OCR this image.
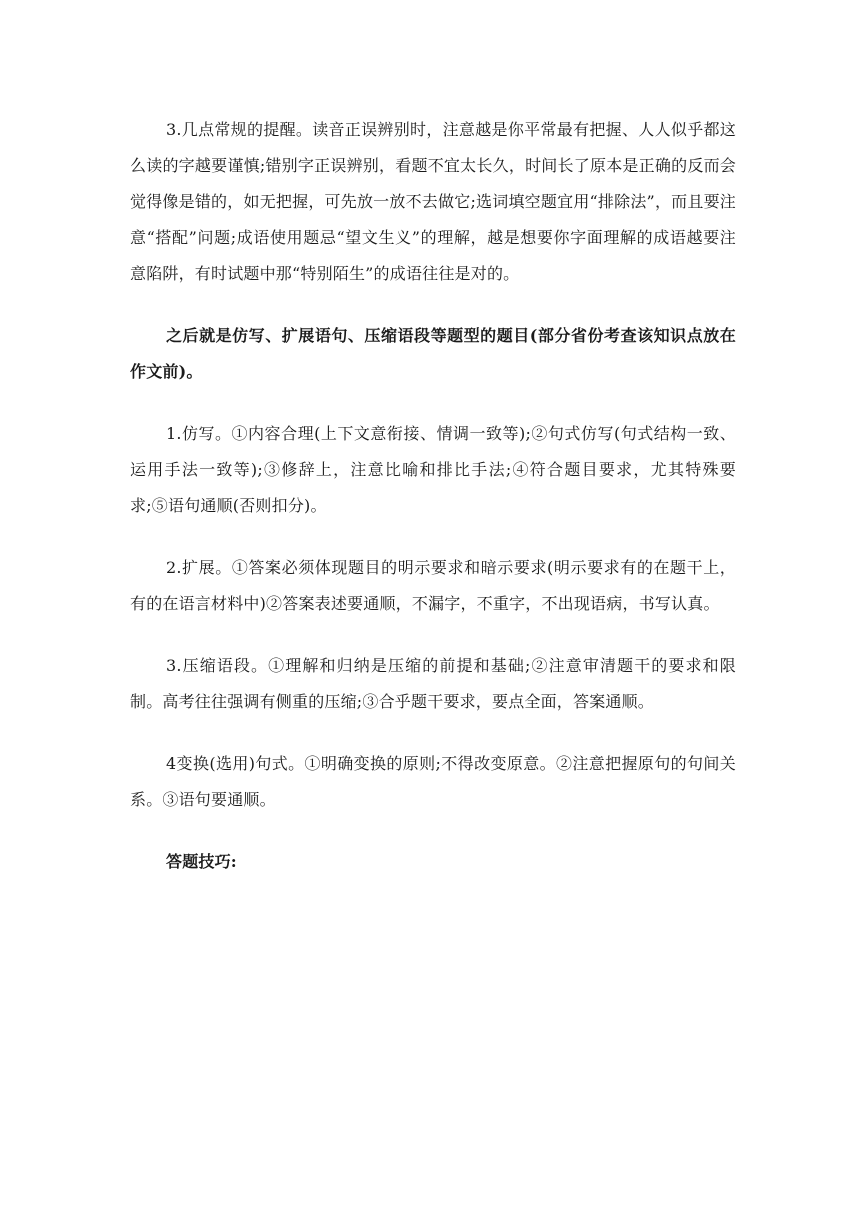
3.几点常规的提醒。读音正误辨别时，注意越是你平常最有把握、人人似乎都这么读的字越要谨慎;错别字正误辨别，看题不宜太长久，时间长了原本是正确的反而会觉得像是错的，如无把握，可先放一放不去做它;选词填空题宜用“排除法”，而且要注意“搭配”问题;成语使用题忌“望文生义”的理解，越是想要你字面理解的成语越要注意陷阱，有时试题中那“特别陌生”的成语往往是对的。

之后就是仿写、扩展语句、压缩语段等题型的题目(部分省份考查该知识点放在作文前)。

1.仿写。①内容合理(上下文意衔接、情调一致等);②句式仿写(句式结构一致、运用手法一致等);③修辞上，注意比喻和排比手法;④符合题目要求，尤其特殊要求;⑤语句通顺(否则扣分)。

2.扩展。①答案必须体现题目的明示要求和暗示要求(明示要求有的在题干上，有的在语言材料中)②答案表述要通顺，不漏字，不重字，不出现语病，书写认真。

3.压缩语段。①理解和归纳是压缩的前提和基础;②注意审清题干的要求和限制。高考往往强调有侧重的压缩;③合乎题干要求，要点全面，答案通顺。

4变换(选用)句式。①明确变换的原则;不得改变原意。②注意把握原句的句间关系。③语句要通顺。

答题技巧:
